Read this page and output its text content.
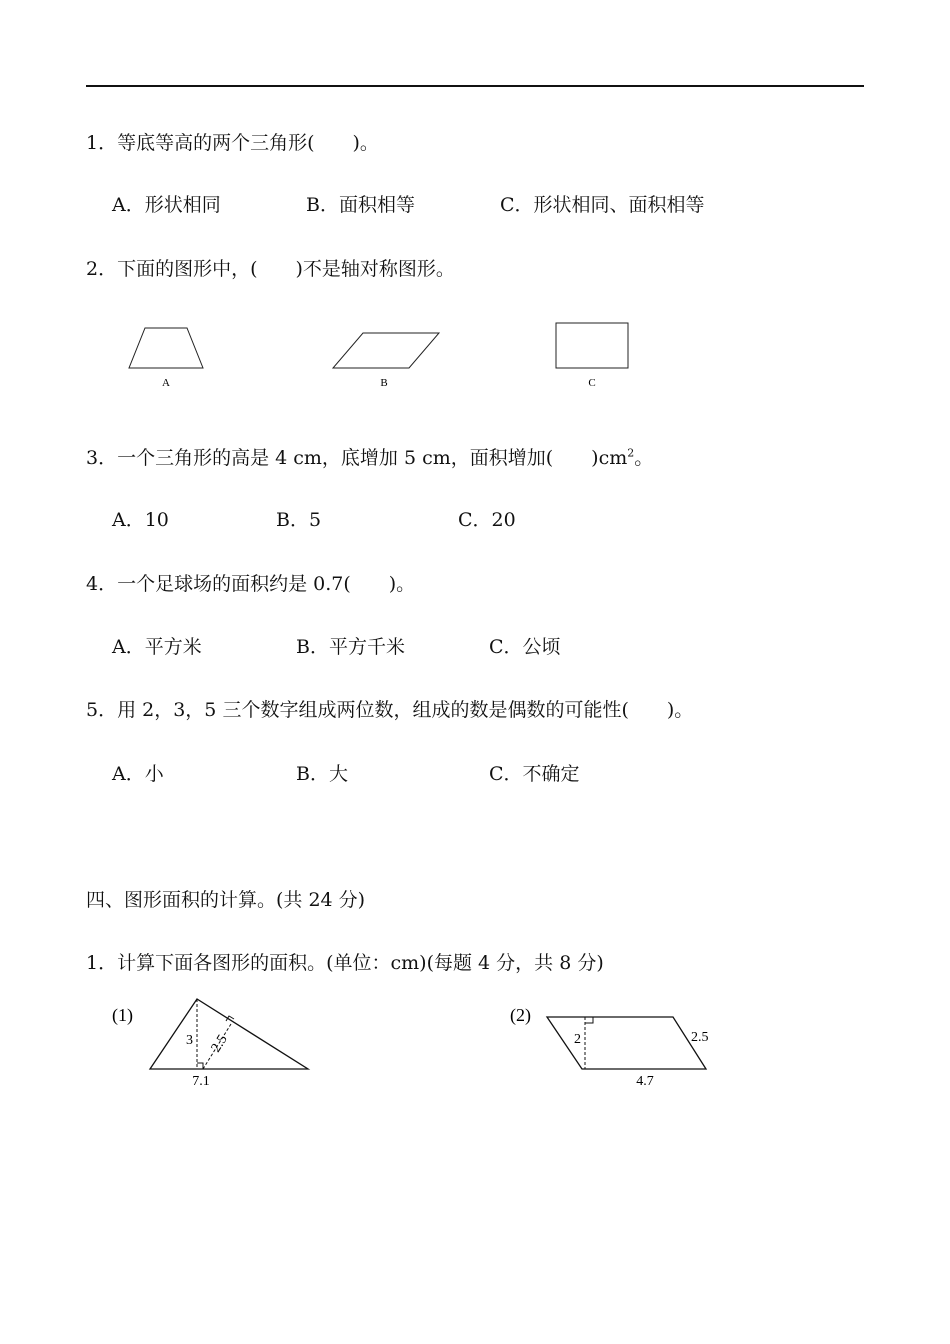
1．等底等高的两个三角形(　　)。
A．形状相同	B．面积相等	C．形状相同、面积相等
2．下面的图形中，(　　)不是轴对称图形。
A	B	C
3．一个三角形的高是 4 cm，底增加 5 cm，面积增加(　　)$cm^2$。
A．10	B．5	C．20
4．一个足球场的面积约是 0.7(　　)。
A．平方米	B．平方千米	C．公顷
5．用 2，3，5 三个数字组成两位数，组成的数是偶数的可能性(　　)。
A．小	B．大	C．不确定
四、图形面积的计算。(共 24 分)
1．计算下面各图形的面积。(单位：cm)(每题 4 分，共 8 分)
(1)
3 2.5
7.1
(2)
2	2.5
4.7
